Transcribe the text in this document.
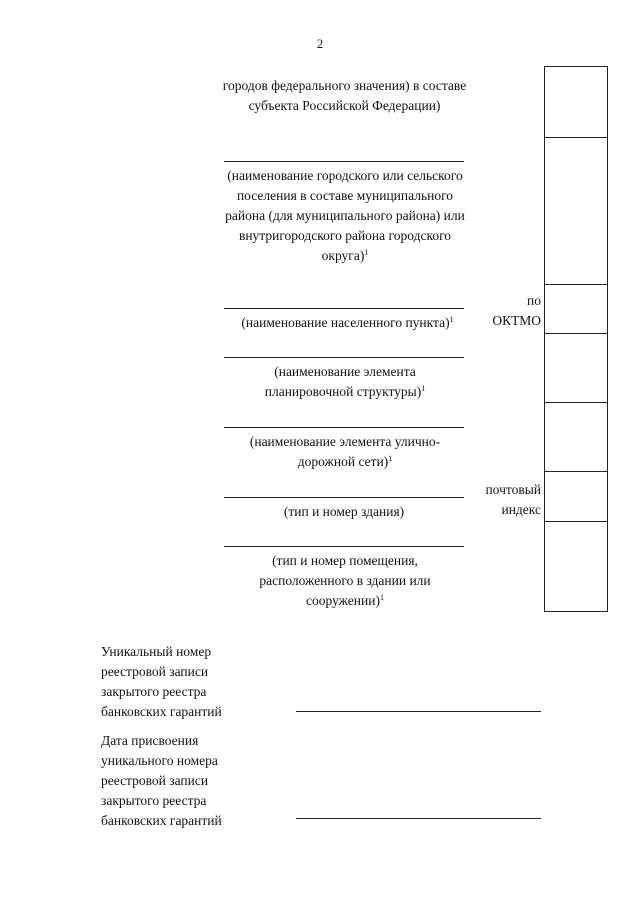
2
городов федерального значения) в составе субъекта Российской Федерации)
(наименование городского или сельского поселения в составе муниципального района (для муниципального района) или внутригородского района городского округа)$^1$
(наименование населенного пункта)$^1$
(наименование элемента планировочной структуры)$^1$
(наименование элемента улично-дорожной сети)$^1$
(тип и номер здания)
(тип и номер помещения, расположенного в здании или сооружении)$^1$
по
ОКТМО
почтовый
индекс
Уникальный номер реестровой записи закрытого реестра банковских гарантий
Дата присвоения уникального номера реестровой записи закрытого реестра банковских гарантий
